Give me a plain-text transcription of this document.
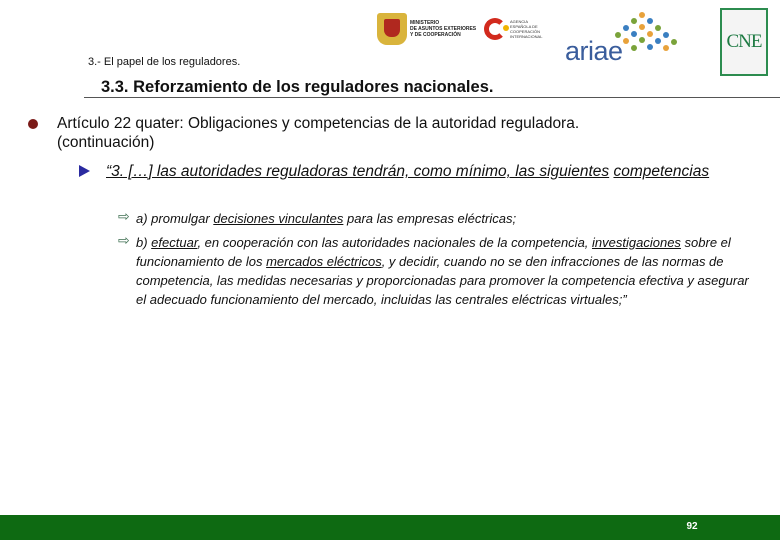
MINISTERIO
DE ASUNTOS EXTERIORES
Y DE COOPERACIÓN
AGENCIA
ESPAÑOLA DE
COOPERACIÓN
INTERNACIONAL ariae	CNE
3.- El papel de los reguladores.
3.3. Reforzamiento de los reguladores nacionales.
Artículo 22 quater: Obligaciones y competencias de la autoridad reguladora.
(continuación)
“3. […] las autoridades reguladoras tendrán, como mínimo, las siguientes competencias
⇨ a) promulgar decisiones vinculantes para las empresas eléctricas;
⇨ b) efectuar, en cooperación con las autoridades nacionales de la competencia, investigaciones sobre el funcionamiento de los mercados eléctricos, y decidir, cuando no se den infracciones de las normas de competencia, las medidas necesarias y proporcionadas para promover la competencia efectiva y asegurar el adecuado funcionamiento del mercado, incluidas las centrales eléctricas virtuales;”
92
